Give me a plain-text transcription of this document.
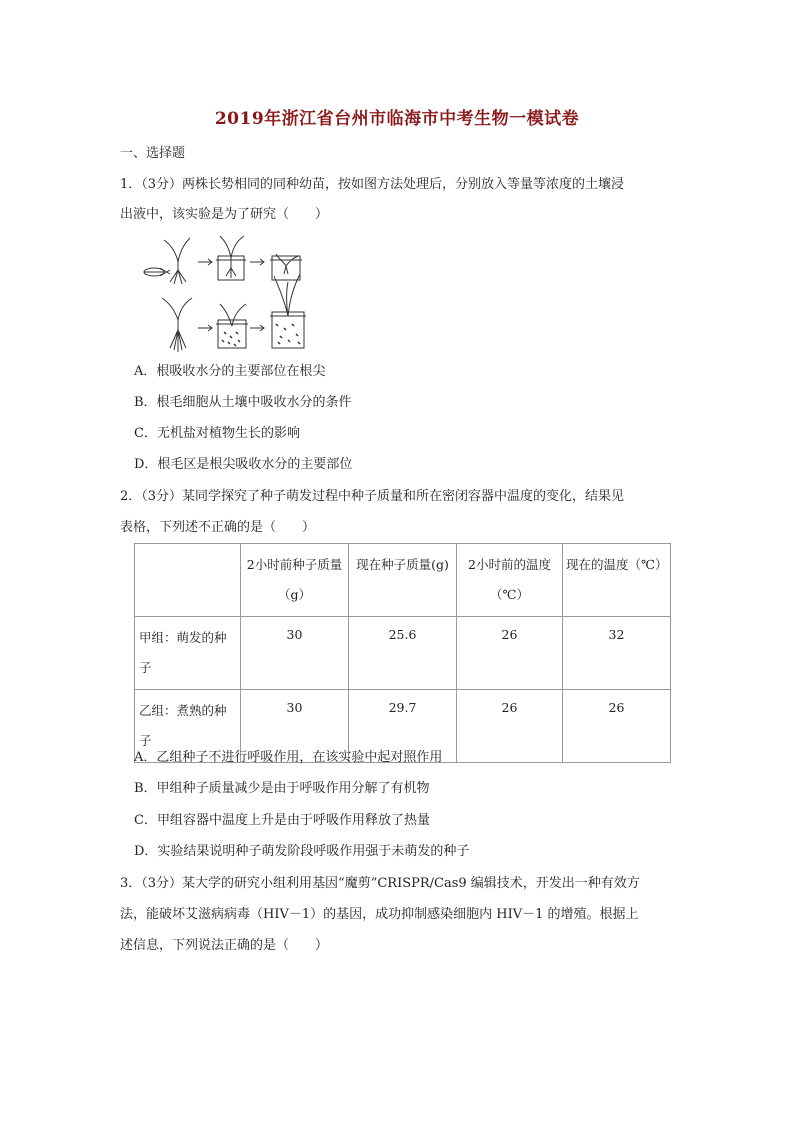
2019年浙江省台州市临海市中考生物一模试卷
一、选择题
1．（3分）两株长势相同的同种幼苗，按如图方法处理后，分别放入等量等浓度的土壤浸
出液中，该实验是为了研究（　　）
A．根吸收水分的主要部位在根尖
B．根毛细胞从土壤中吸收水分的条件
C．无机盐对植物生长的影响
D．根毛区是根尖吸收水分的主要部位
2．（3分）某同学探究了种子萌发过程中种子质量和所在密闭容器中温度的变化，结果见
表格，下列述不正确的是（　　）
	2小时前种子质量（g）	现在种子质量(g)	2小时前的温度（℃）	现在的温度（℃）
甲组：萌发的种子	30	25.6	26	32
乙组：煮熟的种子	30	29.7	26	26
A．乙组种子不进行呼吸作用，在该实验中起对照作用
B．甲组种子质量减少是由于呼吸作用分解了有机物
C．甲组容器中温度上升是由于呼吸作用释放了热量
D．实验结果说明种子萌发阶段呼吸作用强于未萌发的种子
3．（3分）某大学的研究小组利用基因“魔剪”CRISPR/Cas9 编辑技术，开发出一种有效方
法，能破坏艾滋病病毒（HIV－1）的基因，成功抑制感染细胞内 HIV－1 的增殖。根据上
述信息，下列说法正确的是（　　）
